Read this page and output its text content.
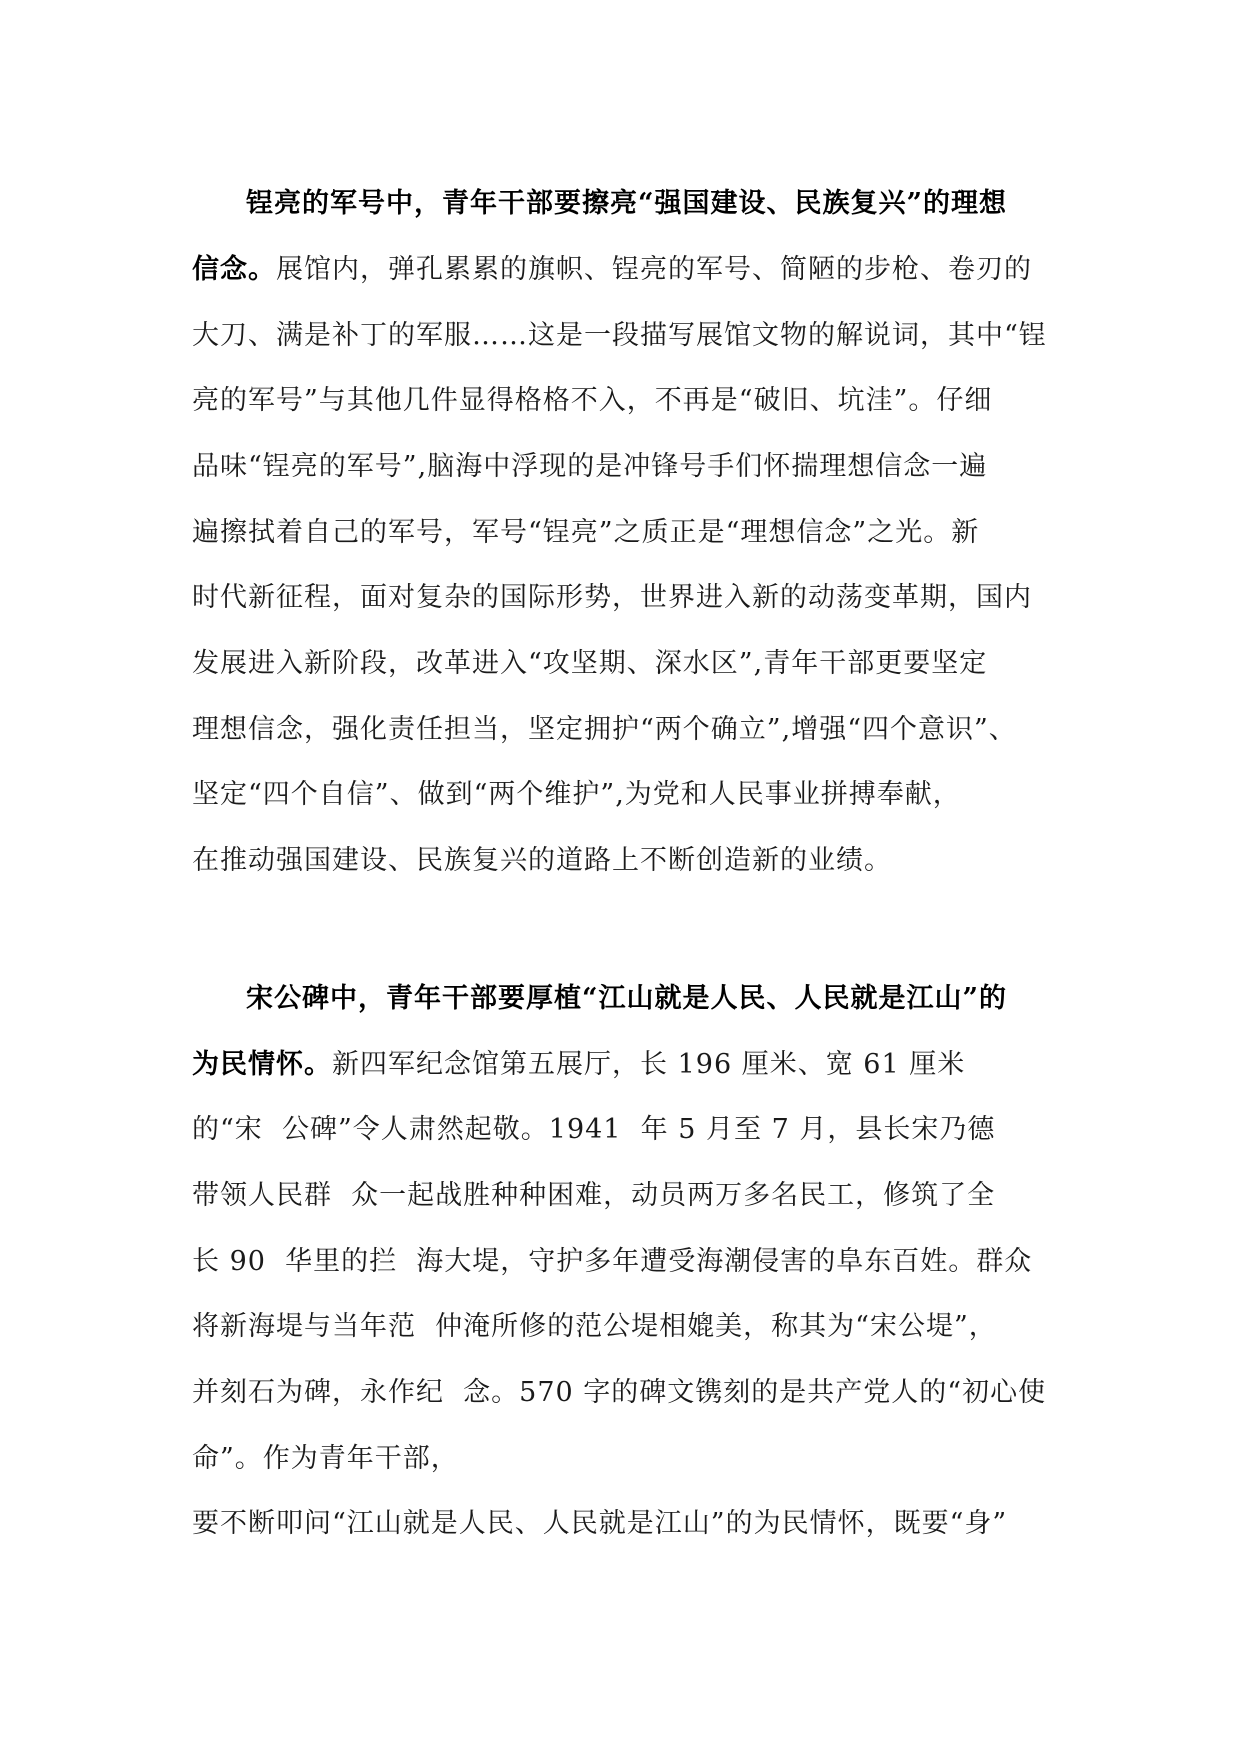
锃亮的军号中，青年干部要擦亮“强国建设、民族复兴”的理想
信念。展馆内，弹孔累累的旗帜、锃亮的军号、简陋的步枪、卷刃的
大刀、满是补丁的军服……这是一段描写展馆文物的解说词，其中“锃
亮的军号”与其他几件显得格格不入，不再是“破旧、坑洼”。仔细
品味“锃亮的军号”,脑海中浮现的是冲锋号手们怀揣理想信念一遍
遍擦拭着自己的军号，军号“锃亮”之质正是“理想信念”之光。新
时代新征程，面对复杂的国际形势，世界进入新的动荡变革期，国内
发展进入新阶段，改革进入“攻坚期、深水区”,青年干部更要坚定
理想信念，强化责任担当，坚定拥护“两个确立”,增强“四个意识”、
坚定“四个自信”、做到“两个维护”,为党和人民事业拼搏奉献，
在推动强国建设、民族复兴的道路上不断创造新的业绩。
宋公碑中，青年干部要厚植“江山就是人民、人民就是江山”的
为民情怀。新四军纪念馆第五展厅，长 196 厘米、宽 61 厘米
的“宋  公碑”令人肃然起敬。1941  年 5 月至 7 月，县长宋乃德
带领人民群  众一起战胜种种困难，动员两万多名民工，修筑了全
长 90  华里的拦  海大堤，守护多年遭受海潮侵害的阜东百姓。群众
将新海堤与当年范  仲淹所修的范公堤相媲美，称其为“宋公堤”，
并刻石为碑，永作纪  念。570 字的碑文镌刻的是共产党人的“初心使
命”。作为青年干部，
要不断叩问“江山就是人民、人民就是江山”的为民情怀，既要“身”
